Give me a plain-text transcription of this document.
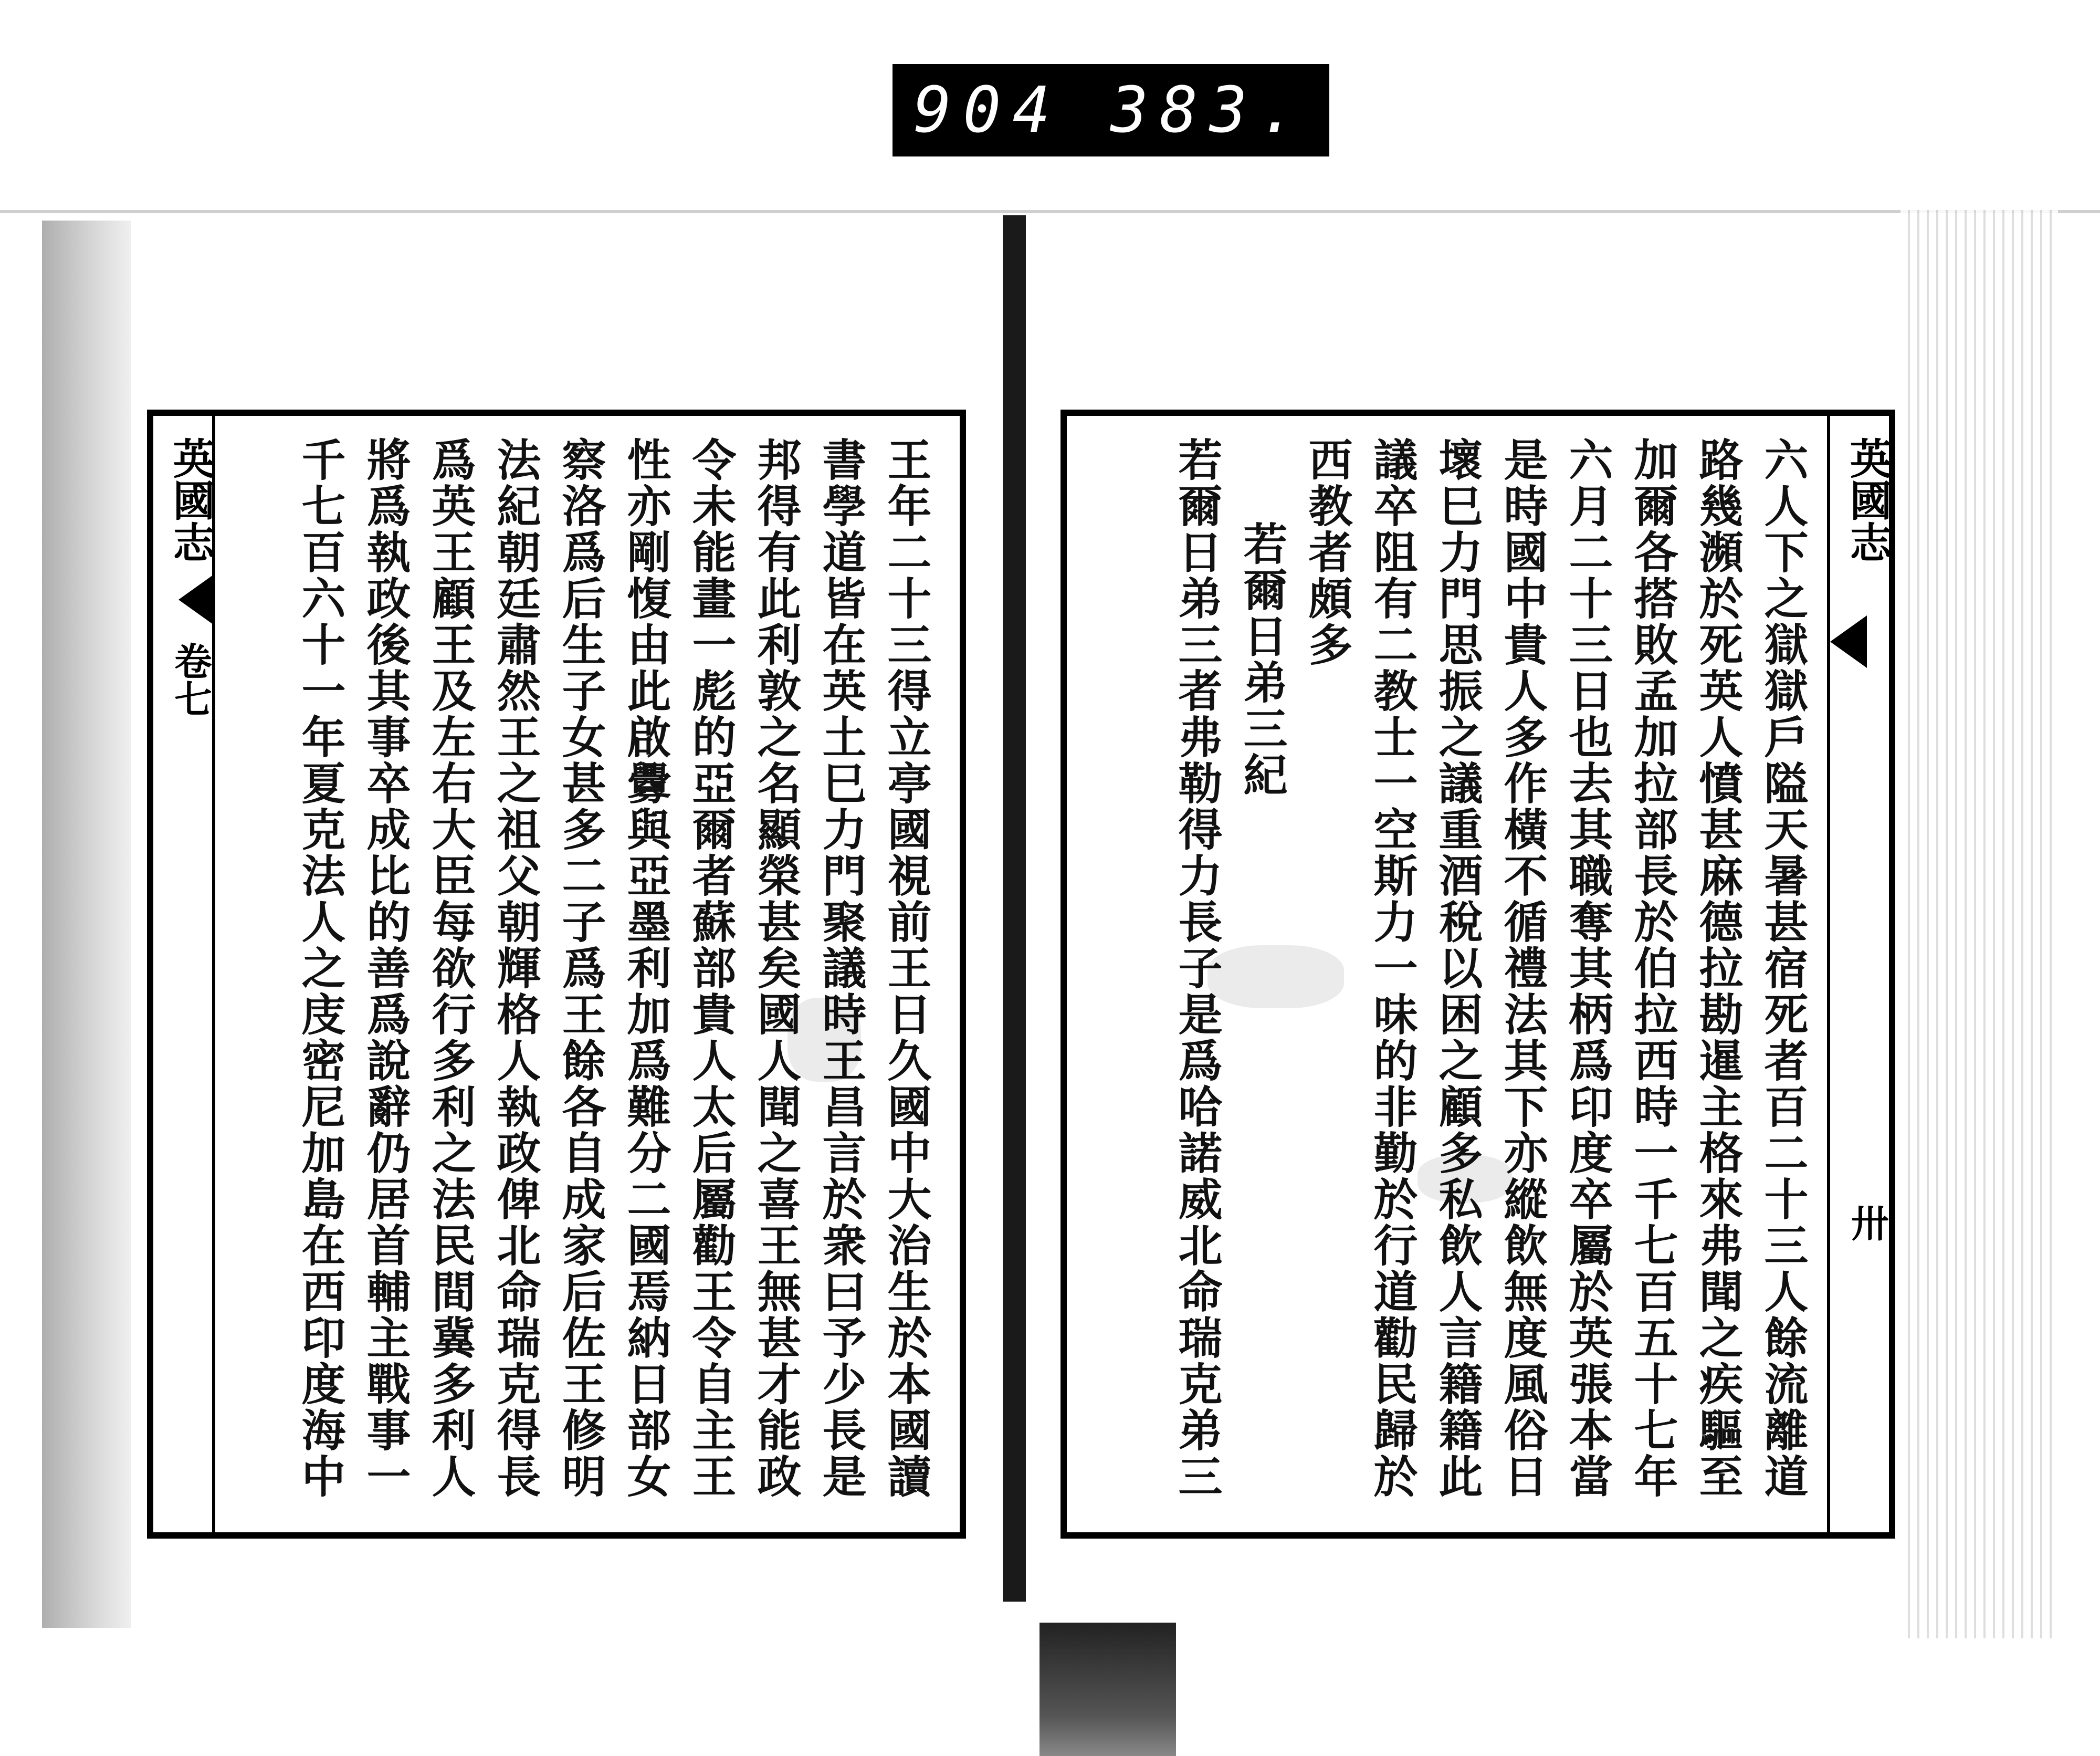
904 383.
英國志
卷七	王年二十三得立亭國視前王日久國中大治生於本國讀
書學道皆在英土巳力門聚議時王昌言於衆曰予少長是
邦得有此利敦之名顯榮甚矣國人聞之喜王無甚才能政
令未能畫一彪的亞爾者蘇部貴人太后屬勸王令自主王
性亦剛愎由此啟釁與亞墨利加爲難分二國焉納日部女
察洛爲后生子女甚多二子爲王餘各自成家后佐王修明
法紀朝廷肅然王之祖父朝輝格人執政俾北命瑞克得長
爲英王顧王及左右大臣每欲行多利之法民間冀多利人
將爲執政後其事卒成比的善爲說辭仍居首輔主戰事一
千七百六十一年夏克法人之庋密尼加島在西印度海中	英國志
卅
六人下之獄獄戶隘天暑甚宿死者百二十三人餘流離道
路幾瀕於死英人憤甚麻德拉勘暹主格來弗聞之疾驅至
加爾各搭敗孟加拉部長於伯拉西時一千七百五十七年
六月二十三日也去其職奪其柄爲印度卒屬於英張本當
是時國中貴人多作橫不循禮法其下亦縱飲無度風俗日
壞巳力門思振之議重酒稅以困之顧多私飲人言籍籍此
議卒阻有二教士一空斯力一味的非勤於行道勸民歸於
西教者頗多
若爾日弟三紀
若爾日弟三者弗勒得力長子是爲哈諾威北命瑞克弟三
